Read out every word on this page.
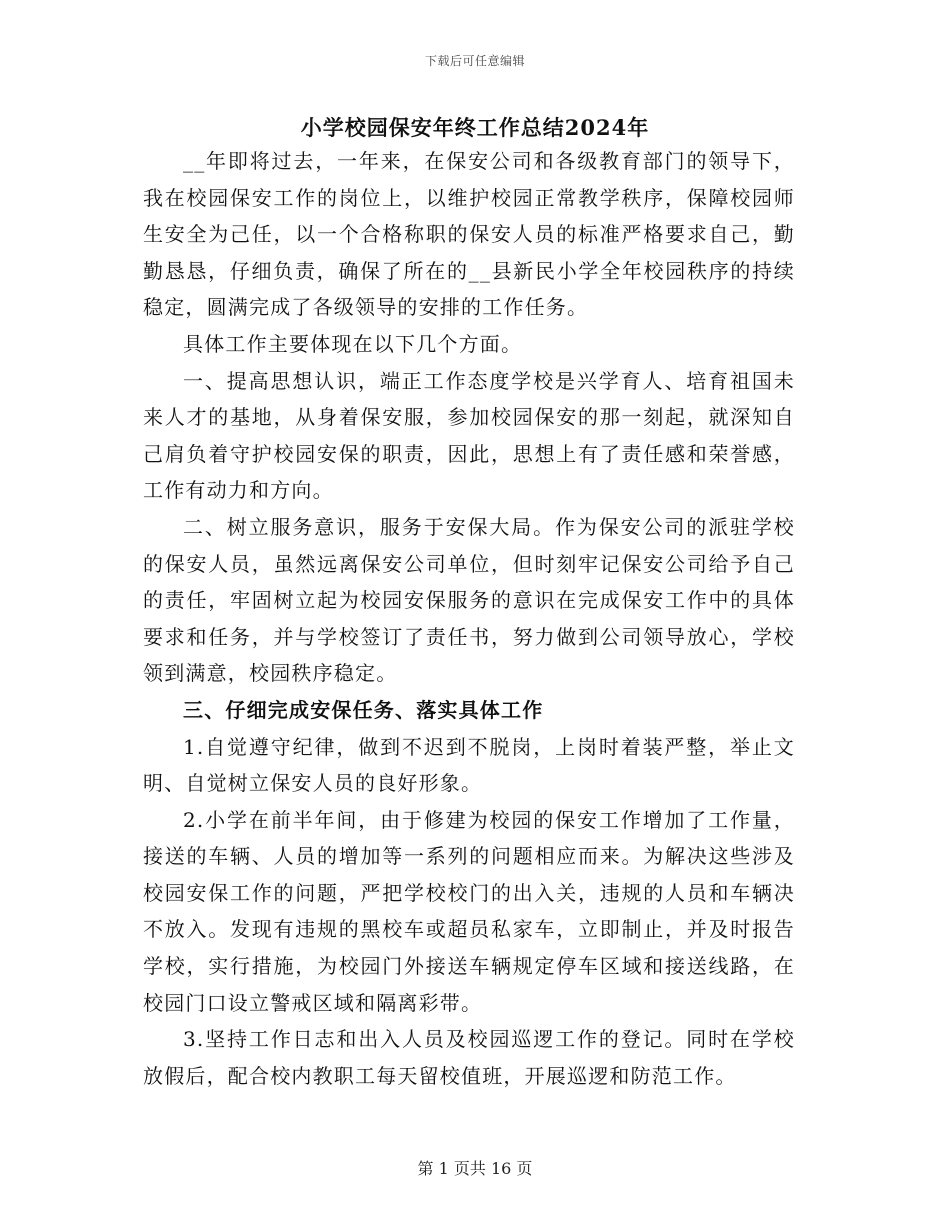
下载后可任意编辑
小学校园保安年终工作总结2024年

__年即将过去，一年来，在保安公司和各级教育部门的领导下，我在校园保安工作的岗位上，以维护校园正常教学秩序，保障校园师生安全为己任，以一个合格称职的保安人员的标准严格要求自己，勤勤恳恳，仔细负责，确保了所在的__县新民小学全年校园秩序的持续稳定，圆满完成了各级领导的安排的工作任务。

具体工作主要体现在以下几个方面。

一、提高思想认识，端正工作态度学校是兴学育人、培育祖国未来人才的基地，从身着保安服，参加校园保安的那一刻起，就深知自己肩负着守护校园安保的职责，因此，思想上有了责任感和荣誉感，工作有动力和方向。

二、树立服务意识，服务于安保大局。作为保安公司的派驻学校的保安人员，虽然远离保安公司单位，但时刻牢记保安公司给予自己的责任，牢固树立起为校园安保服务的意识在完成保安工作中的具体要求和任务，并与学校签订了责任书，努力做到公司领导放心，学校领到满意，校园秩序稳定。

三、仔细完成安保任务、落实具体工作

1.自觉遵守纪律，做到不迟到不脱岗，上岗时着装严整，举止文明、自觉树立保安人员的良好形象。

2.小学在前半年间，由于修建为校园的保安工作增加了工作量，接送的车辆、人员的增加等一系列的问题相应而来。为解决这些涉及校园安保工作的问题，严把学校校门的出入关，违规的人员和车辆决不放入。发现有违规的黑校车或超员私家车，立即制止，并及时报告学校，实行措施，为校园门外接送车辆规定停车区域和接送线路，在校园门口设立警戒区域和隔离彩带。

3.坚持工作日志和出入人员及校园巡逻工作的登记。同时在学校放假后，配合校内教职工每天留校值班，开展巡逻和防范工作。

第 1 页共 16 页
